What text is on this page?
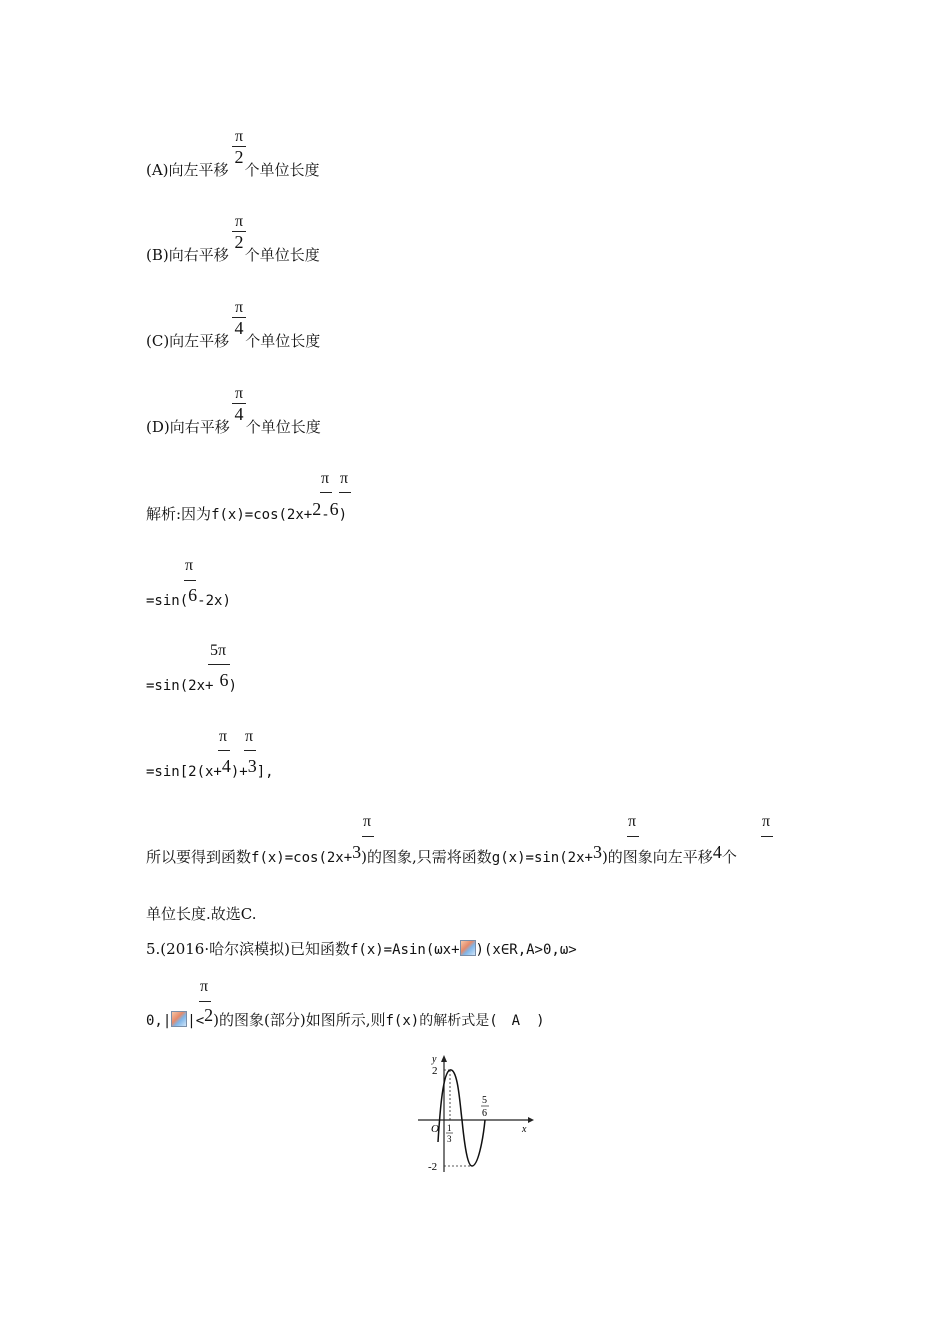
π
2
(A)向左平移 个单位长度
π
2
(B)向右平移 个单位长度
π
4
(C)向左平移 个单位长度
π
4
(D)向右平移 个单位长度
π π
解析:因为f(x)=cos(2x+2-6)
π
=sin(6-2x)
5π
=sin(2x+ 6)
π π
=sin[2(x+4)+3],
π	π	π
所以要得到函数f(x)=cos(2x+3)的图象,只需将函数g(x)=sin(2x+3)的图象向左平移4个
单位长度.故选C.
5.(2016·哈尔滨模拟)已知函数f(x)=Asin(ωx+ )(x∈R,A>0,ω>
π
0,| |<2)的图象(部分)如图所示,则f(x)的解析式是( A )
y
x
O
2
-2
1
3
5
6
